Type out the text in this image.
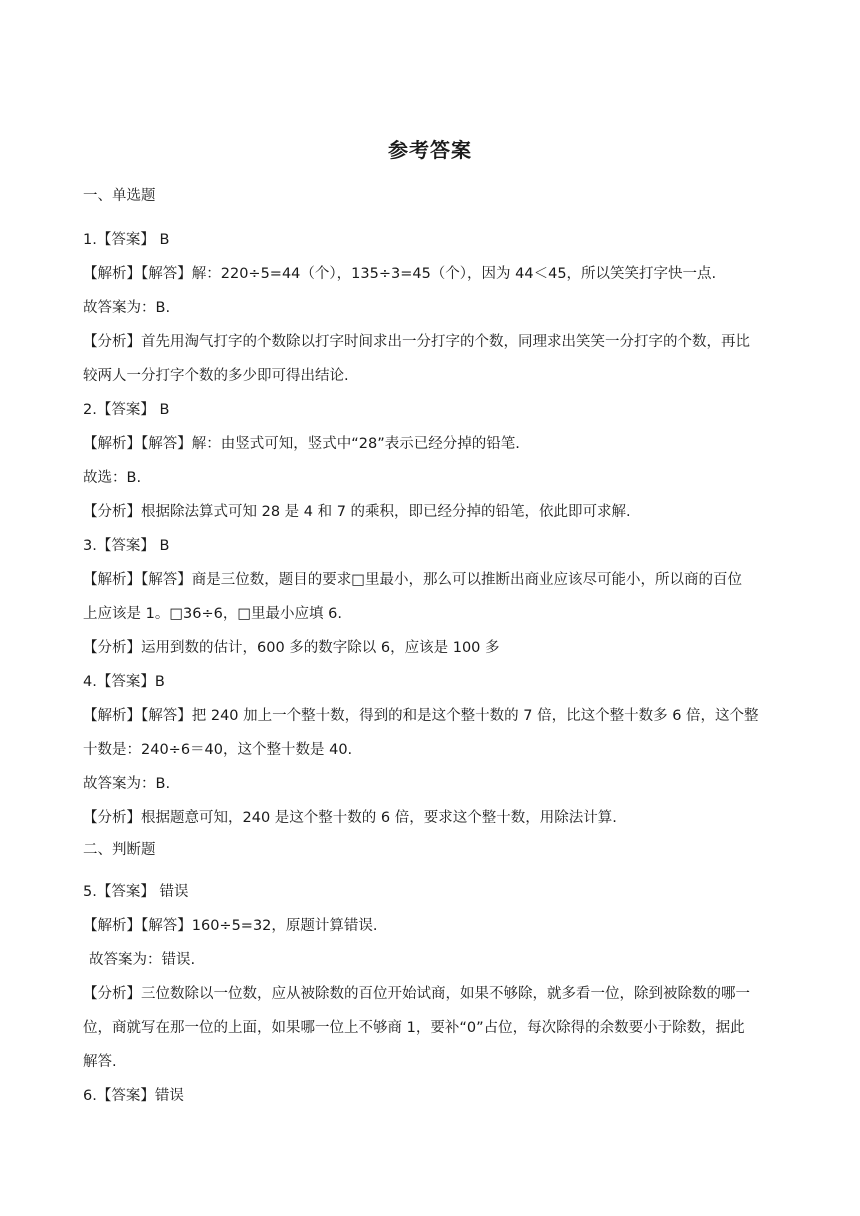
参考答案
一、单选题
1.【答案】 B
【解析】【解答】解：220÷5=44（个），135÷3=45（个），因为 44＜45，所以笑笑打字快一点.
故答案为：B.
【分析】首先用淘气打字的个数除以打字时间求出一分打字的个数，同理求出笑笑一分打字的个数，再比
较两人一分打字个数的多少即可得出结论.
2.【答案】 B
【解析】【解答】解：由竖式可知，竖式中“28”表示已经分掉的铅笔.
故选：B.
【分析】根据除法算式可知 28 是 4 和 7 的乘积，即已经分掉的铅笔，依此即可求解.
3.【答案】 B
【解析】【解答】商是三位数，题目的要求□里最小，那么可以推断出商业应该尽可能小，所以商的百位
上应该是 1。□36÷6，□里最小应填 6.
【分析】运用到数的估计，600 多的数字除以 6，应该是 100 多
4.【答案】B
【解析】【解答】把 240 加上一个整十数，得到的和是这个整十数的 7 倍，比这个整十数多 6 倍，这个整
十数是：240÷6＝40，这个整十数是 40.
故答案为：B.
【分析】根据题意可知，240 是这个整十数的 6 倍，要求这个整十数，用除法计算.
二、判断题
5.【答案】 错误
【解析】【解答】160÷5=32，原题计算错误.
故答案为：错误.
【分析】三位数除以一位数，应从被除数的百位开始试商，如果不够除，就多看一位，除到被除数的哪一
位，商就写在那一位的上面，如果哪一位上不够商 1，要补“0”占位，每次除得的余数要小于除数，据此
解答.
6.【答案】错误
